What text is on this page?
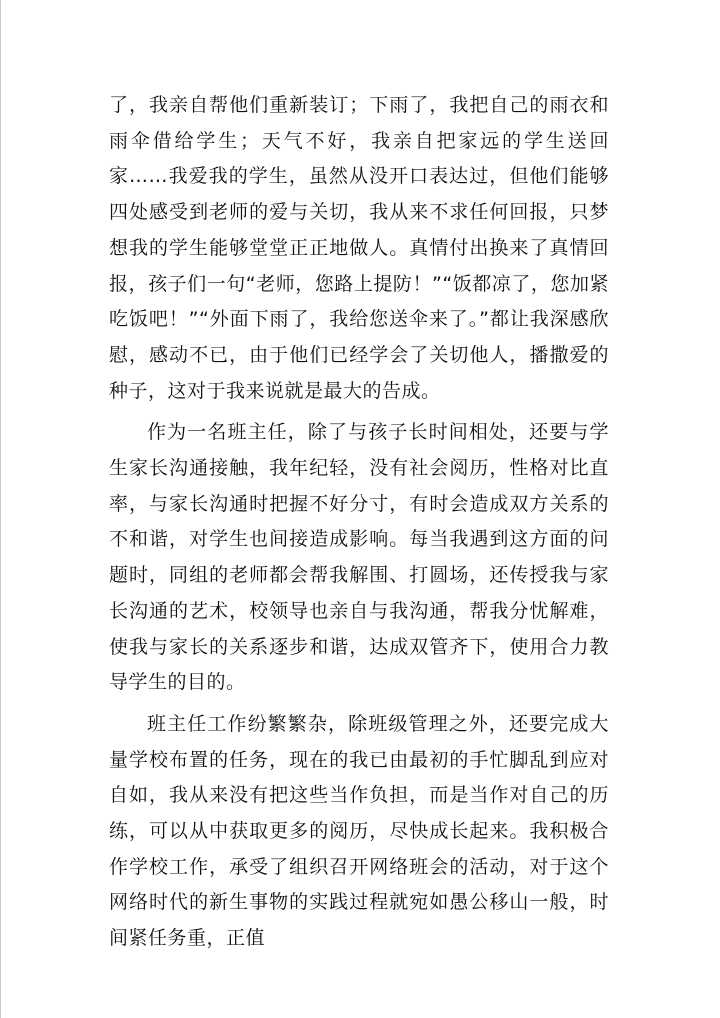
了，我亲自帮他们重新装订；下雨了，我把自己的雨衣和雨伞借给学生；天气不好，我亲自把家远的学生送回家……我爱我的学生，虽然从没开口表达过，但他们能够四处感受到老师的爱与关切，我从来不求任何回报，只梦想我的学生能够堂堂正正地做人。真情付出换来了真情回报，孩子们一句“老师，您路上提防！”“饭都凉了，您加紧吃饭吧！”“外面下雨了，我给您送伞来了。”都让我深感欣慰，感动不已，由于他们已经学会了关切他人，播撒爱的种子，这对于我来说就是最大的告成。

作为一名班主任，除了与孩子长时间相处，还要与学生家长沟通接触，我年纪轻，没有社会阅历，性格对比直率，与家长沟通时把握不好分寸，有时会造成双方关系的不和谐，对学生也间接造成影响。每当我遇到这方面的问题时，同组的老师都会帮我解围、打圆场，还传授我与家长沟通的艺术，校领导也亲自与我沟通，帮我分忧解难，使我与家长的关系逐步和谐，达成双管齐下，使用合力教导学生的目的。

班主任工作纷繁繁杂，除班级管理之外，还要完成大量学校布置的任务，现在的我已由最初的手忙脚乱到应对自如，我从来没有把这些当作负担，而是当作对自己的历练，可以从中获取更多的阅历，尽快成长起来。我积极合作学校工作，承受了组织召开网络班会的活动，对于这个网络时代的新生事物的实践过程就宛如愚公移山一般，时间紧任务重，正值
